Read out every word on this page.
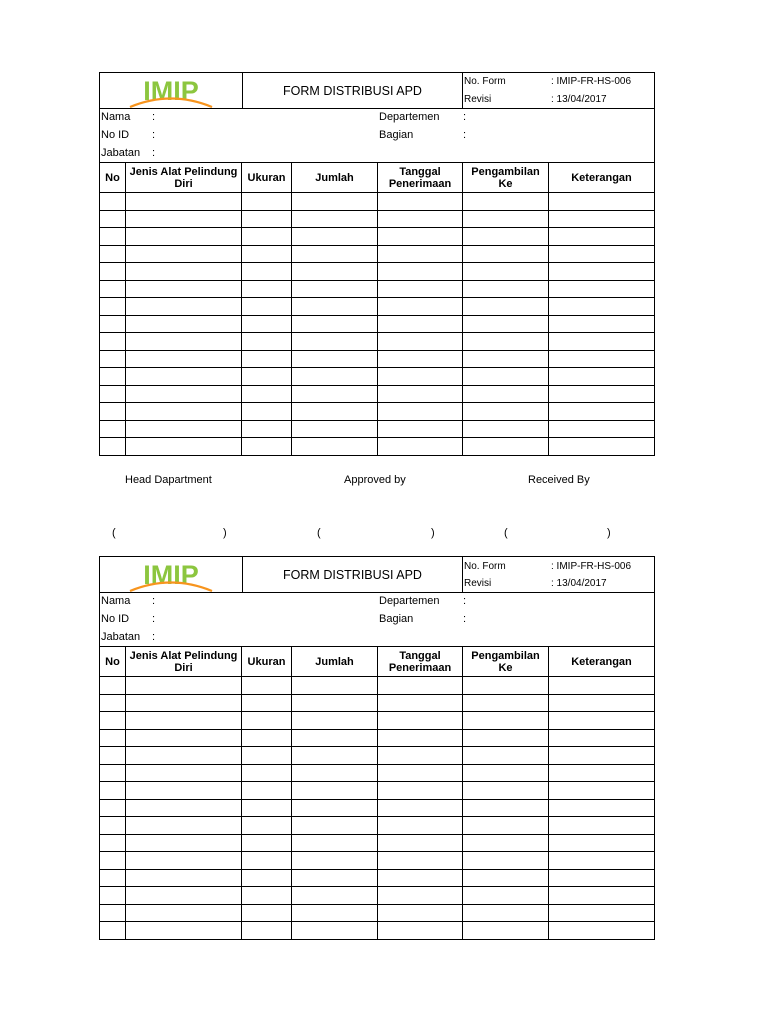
IMIP	FORM DISTRIBUSI APD	
No. Form	: IMIP-FR-HS-006
Revisi	: 13/04/2017
Nama :
No ID :
Jabatan :
Departemen :
Bagian	:
No	Jenis Alat Pelindung Diri	Ukuran	Jumlah	Tanggal Penerimaan	Pengambilan Ke	Keterangan

Head Dapartment	Approved by	Received By
(	)	(	)	(	)
IMIP	FORM DISTRIBUSI APD	
No. Form	: IMIP-FR-HS-006
Revisi	: 13/04/2017
Nama :
No ID :
Jabatan :
Departemen :
Bagian	:
No	Jenis Alat Pelindung Diri	Ukuran	Jumlah	Tanggal Penerimaan	Pengambilan Ke	Keterangan
